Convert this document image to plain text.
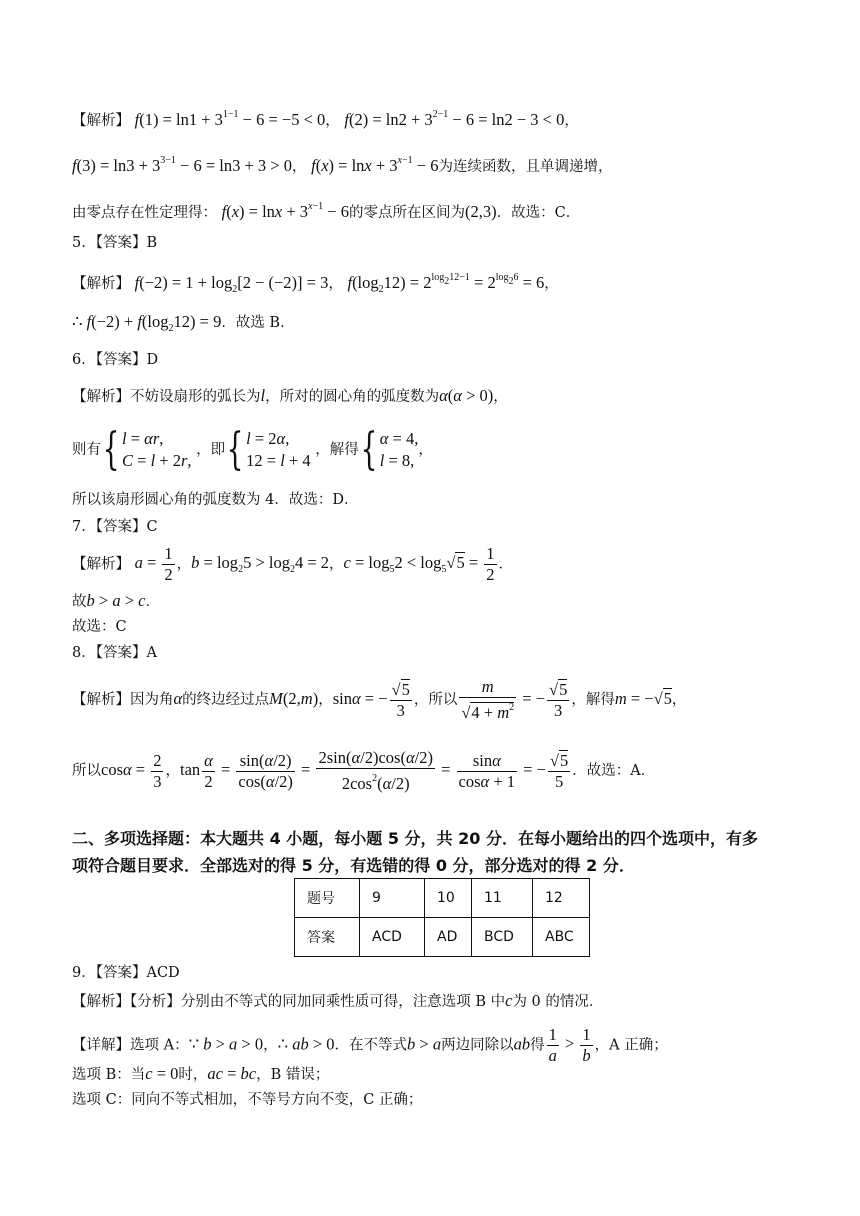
【解析】 $f(1) = \ln 1 + 3^{1-1} - 6 = -5 < 0$， $f(2) = \ln 2 + 3^{2-1} - 6 = \ln 2 - 3 < 0$，
$f(3) = \ln 3 + 3^{3-1} - 6 = \ln 3 + 3 > 0$， $f(x) = \ln x + 3^{x-1} - 6$为连续函数，且单调递增，
由零点存在性定理得： $f(x) = \ln x + 3^{x-1} - 6$的零点所在区间为(2,3)．故选：C．
5．【答案】B
【解析】 $f(-2) = 1 + \log_2[2 - (-2)] = 3$， $f(\log_212) = 2^{log_212-1} = 2^{log_26} = 6$，
∴ $f(-2) + f(\log_212) = 9$．故选 B．
6．【答案】D
【解析】不妨设扇形的弧长为l，所对的圆心角的弧度数为α(α > 0)，
则有{ l = αr,
C = l + 2r, ，即{ l = 2α,
12 = l + 4 ，解得{ α = 4,
l = 8,，
所以该扇形圆心角的弧度数为 4．故选：D．
7．【答案】C
【解析】 $a = \frac{1}{2}$ ，$b = \log_25 > \log_24 = 2$，$c = \log_52 < \log_5√5 = \frac{1}{2}$ ．
故b > a > c．
故选：C
8．【答案】A
【解析】因为角α的终边经过点M(2,m)，sinα = − $\frac{√5}{3}$ ，所以 $\frac{m}{√4 + m^2}$ = − $\frac{√5}{3}$ ，解得m = −√5，
所以$\cos\alpha = \frac{2}{3}$ ，$\tan \frac{\alpha}{2} = \frac{\sin(\alpha/2)}{\cos(\alpha/2)} = \frac{2\sin(\alpha/2)\cos(\alpha/2)}{2\cos^2(\alpha/2)} = \frac{\sin\alpha}{\cos\alpha + 1}$ = − $\frac{√5}{5}$ ．故选：A．
二、多项选择题：本大题共 4 小题，每小题 5 分，共 20 分．在每小题给出的四个选项中，有多
项符合题目要求．全部选对的得 5 分，有选错的得 0 分，部分选对的得 2 分．
题号	9	10	11	12
答案	ACD	AD	BCD	ABC
9．【答案】ACD
【解析】【分析】分别由不等式的同加同乘性质可得，注意选项 B 中c为 0 的情况．
【详解】选项 A：∵ b > a > 0，∴ ab > 0．在不等式b > a两边同除以ab得 $\frac{1}{a} > \frac{1}{b}$ ，A 正确；
选项 B：当c = 0时，ac = bc，B 错误；
选项 C：同向不等式相加，不等号方向不变，C 正确；
